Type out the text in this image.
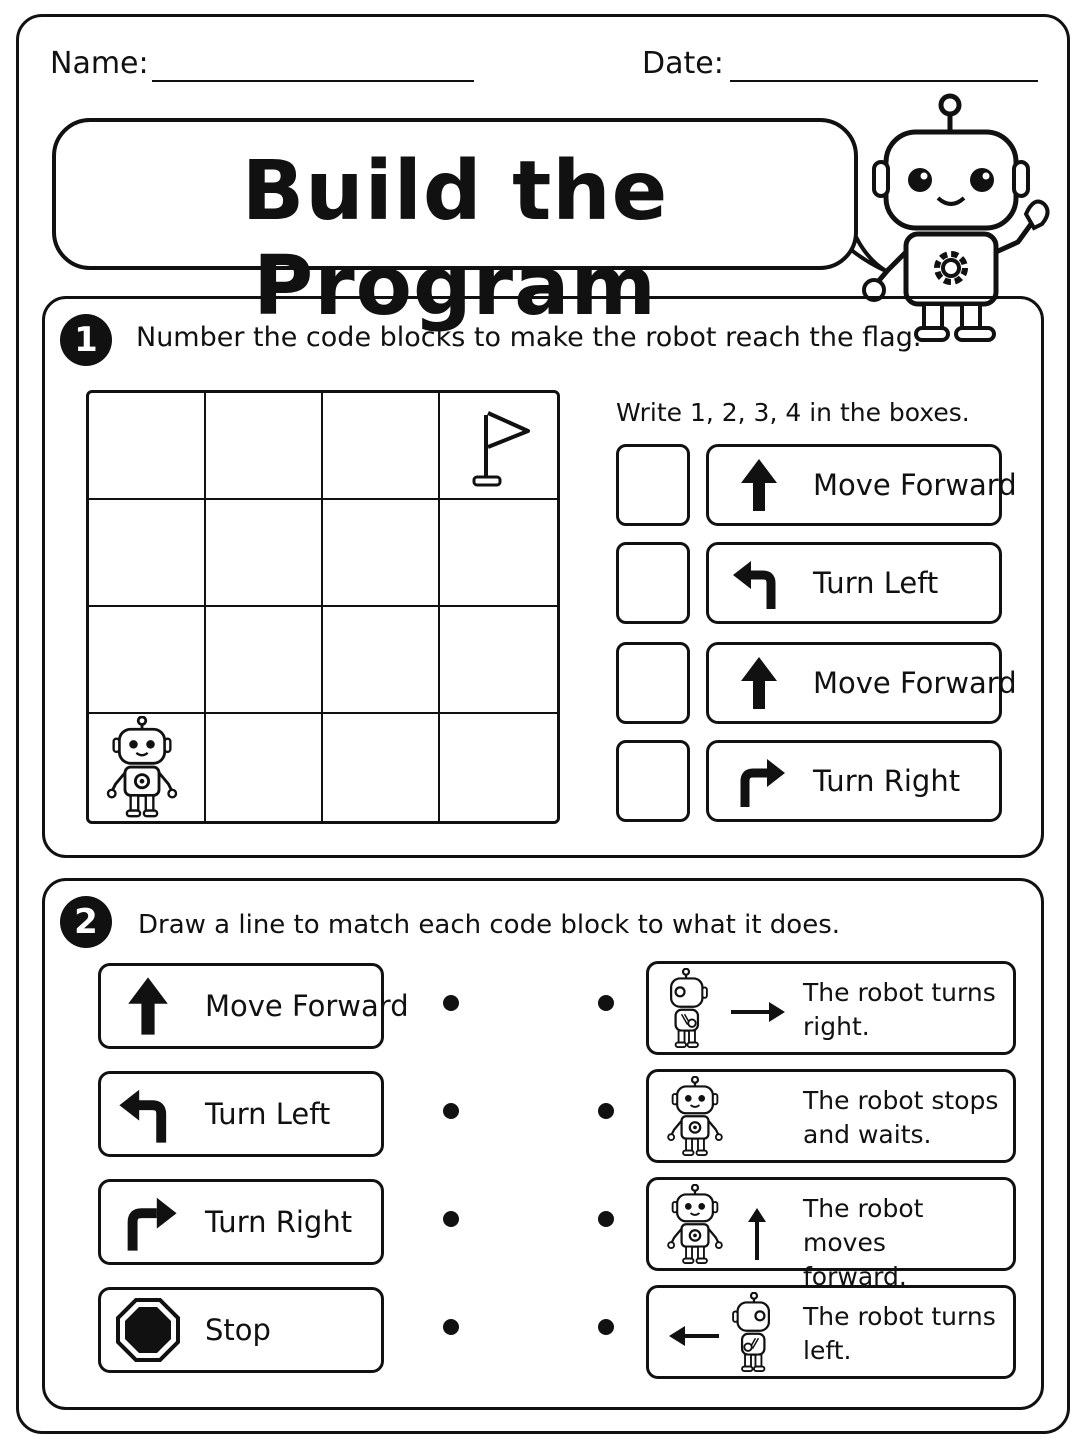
Name:	Date:
Build the Program
1	Number the code blocks to make the robot reach the flag.
Write 1, 2, 3, 4 in the boxes.
Move Forward
Turn Left
Move Forward
Turn Right
2	Draw a line to match each code block to what it does.
Move Forward
Turn Left
Turn Right
Stop
The robot turns
right.
The robot stops
and waits.
The robot moves
forward.
The robot turns
left.
